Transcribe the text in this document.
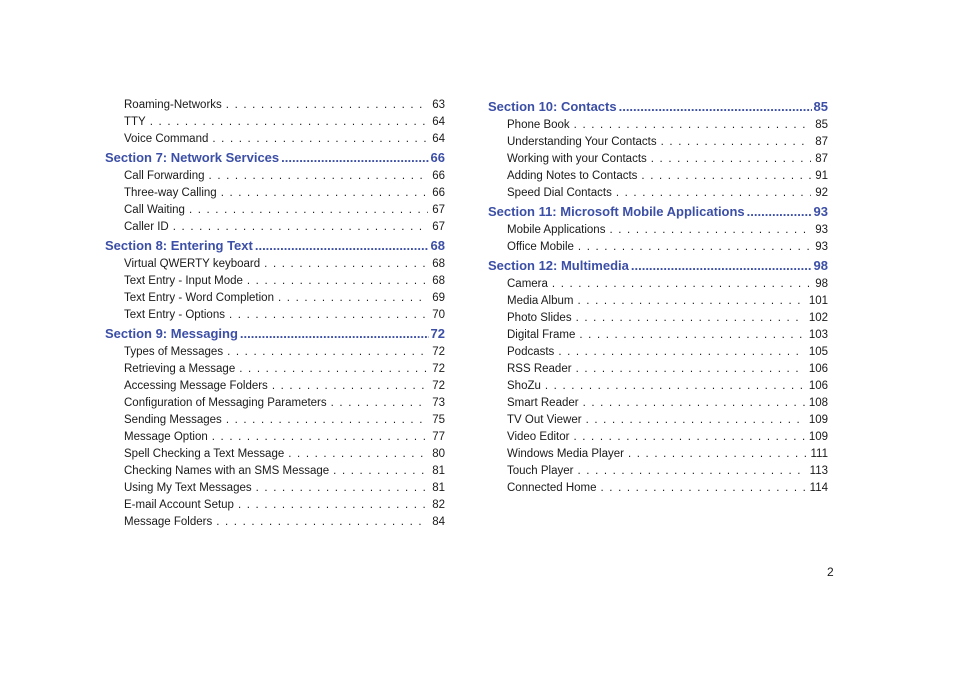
Roaming-Networks . . .	63
TTY . . .	64
Voice Command . . .	64
Section 7: Network Services .....	66
Call Forwarding . . .	66
Three-way Calling . . .	66
Call Waiting . . .	67
Caller ID . . .	67
Section 8: Entering Text .....	68
Virtual QWERTY keyboard . . .	68
Text Entry - Input Mode . . .	68
Text Entry - Word Completion . . .	69
Text Entry - Options . . .	70
Section 9: Messaging .....	72
Types of Messages . . .	72
Retrieving a Message . . .	72
Accessing Message Folders . . .	72
Configuration of Messaging Parameters . . .	73
Sending Messages . . .	75
Message Option . . .	77
Spell Checking a Text Message . . .	80
Checking Names with an SMS Message . . .	81
Using My Text Messages . . .	81
E-mail Account Setup . . .	82
Message Folders . . .	84
Section 10: Contacts .....	85
Phone Book . . .	85
Understanding Your Contacts . . .	87
Working with your Contacts . . .	87
Adding Notes to Contacts . . .	91
Speed Dial Contacts . . .	92
Section 11: Microsoft Mobile Applications .....	93
Mobile Applications . . .	93
Office Mobile . . .	93
Section 12: Multimedia .....	98
Camera . . .	98
Media Album . . .	101
Photo Slides . . .	102
Digital Frame . . .	103
Podcasts . . .	105
RSS Reader . . .	106
ShoZu . . .	106
Smart Reader . . .	108
TV Out Viewer . . .	109
Video Editor . . .	109
Windows Media Player . . .	111
Touch Player . . .	113
Connected Home . . .	114
2
